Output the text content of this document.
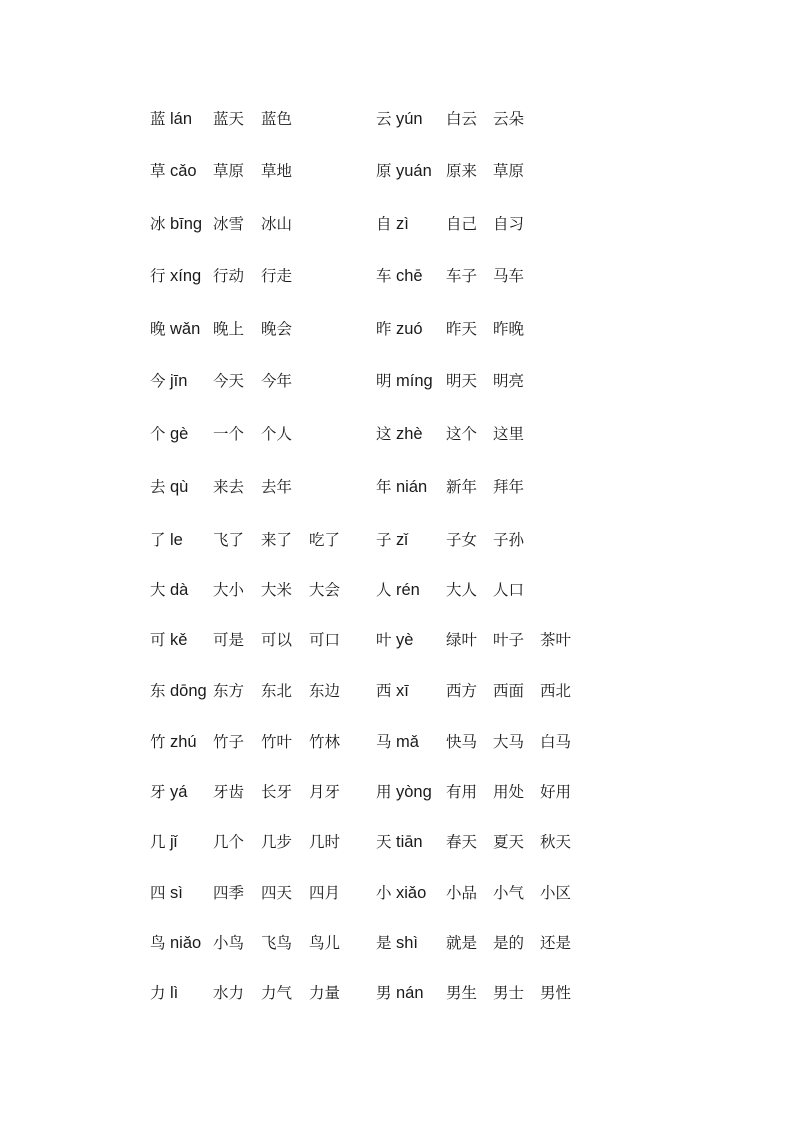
蓝 lán 蓝天 蓝色	云 yún 白云 云朵
草 cǎo 草原 草地	原 yuán 原来 草原
冰 bīng 冰雪 冰山	自 zì 自己 自习
行 xíng 行动 行走	车 chē 车子 马车
晚 wǎn 晚上 晚会	昨 zuó 昨天 昨晚
今 jīn 今天 今年	明 míng 明天 明亮
个 gè 一个 个人	这 zhè 这个 这里
去 qù 来去 去年	年 nián 新年 拜年
了 le 飞了 来了 吃了 子 zǐ 子女 子孙
大 dà 大小 大米 大会 人 rén 大人 人口
可 kě 可是 可以 可口 叶 yè 绿叶 叶子 茶叶
东 dōng 东方 东北 东边 西 xī 西方 西面 西北
竹 zhú 竹子 竹叶 竹林 马 mǎ 快马 大马 白马
牙 yá 牙齿 长牙 月牙 用 yòng 有用 用处 好用
几 jǐ 几个 几步 几时 天 tiān 春天 夏天 秋天
四 sì 四季 四天 四月 小 xiǎo 小品 小气 小区
鸟 niǎo 小鸟 飞鸟 鸟儿 是 shì 就是 是的 还是
力 lì 水力 力气 力量 男 nán 男生 男士 男性
